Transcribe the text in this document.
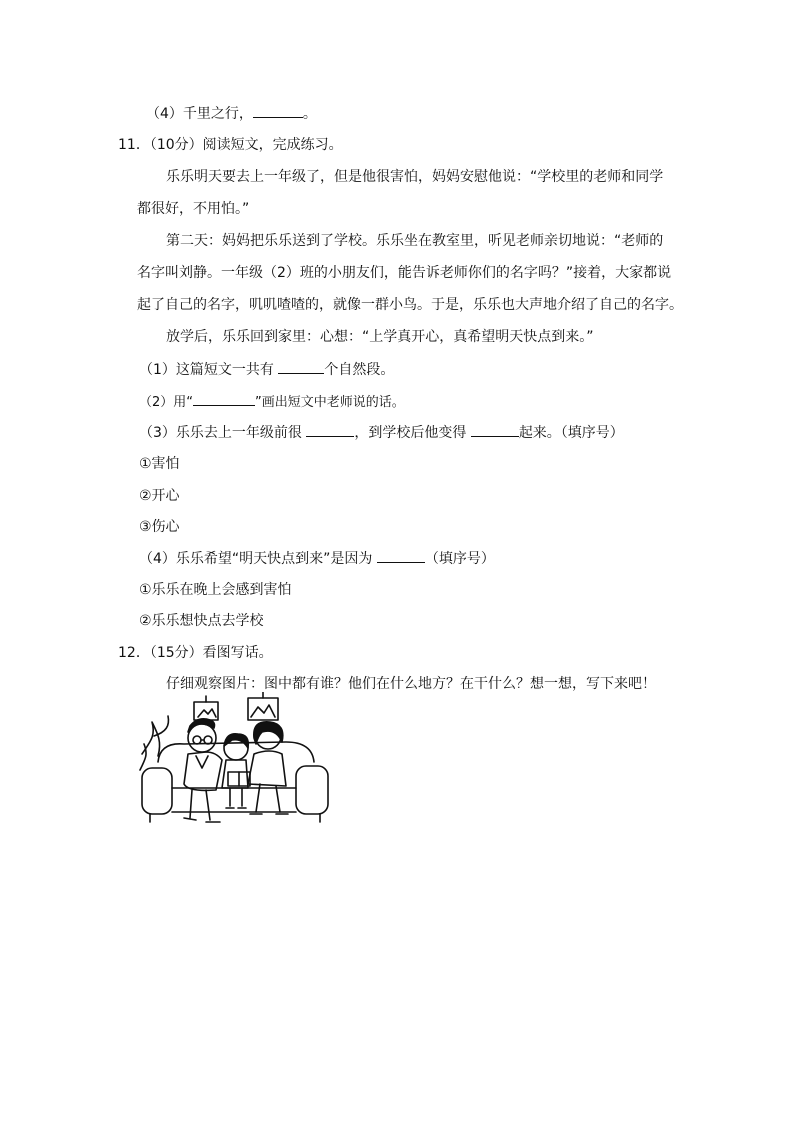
（4）千里之行，	。
11．（10分）阅读短文，完成练习。
乐乐明天要去上一年级了，但是他很害怕，妈妈安慰他说：“学校里的老师和同学
都很好，不用怕。”
第二天：妈妈把乐乐送到了学校。乐乐坐在教室里，听见老师亲切地说：“老师的
名字叫刘静。一年级（2）班的小朋友们，能告诉老师你们的名字吗？”接着，大家都说
起了自己的名字，叽叽喳喳的，就像一群小鸟。于是，乐乐也大声地介绍了自己的名字。
放学后，乐乐回到家里：心想：“上学真开心，真希望明天快点到来。”
（1）这篇短文一共有	个自然段。
（2）用“	”画出短文中老师说的话。
（3）乐乐去上一年级前很	，到学校后他变得	起来。（填序号）
①害怕
②开心
③伤心
（4）乐乐希望“明天快点到来”是因为	（填序号）
①乐乐在晚上会感到害怕
②乐乐想快点去学校
12．（15分）看图写话。
仔细观察图片：图中都有谁？他们在什么地方？在干什么？想一想，写下来吧！
